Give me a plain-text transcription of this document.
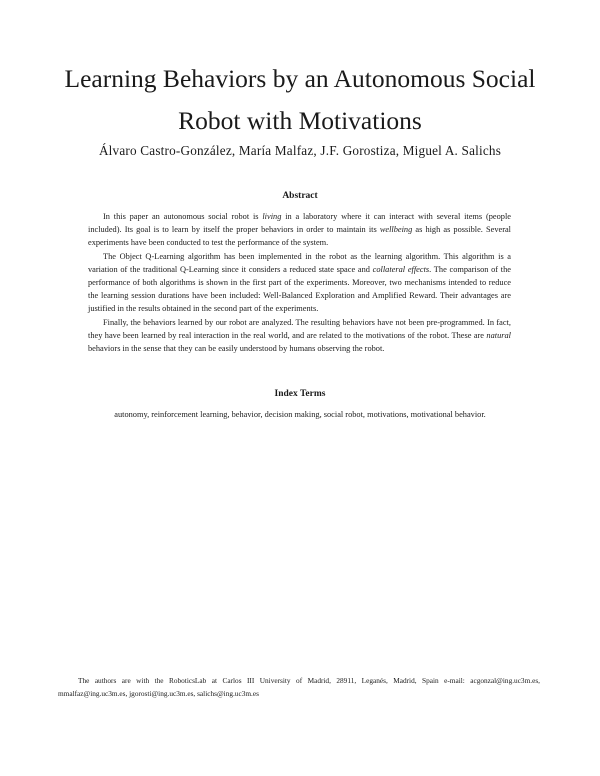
Learning Behaviors by an Autonomous Social
Robot with Motivations
Álvaro Castro-González, María Malfaz, J.F. Gorostiza, Miguel A. Salichs
Abstract

In this paper an autonomous social robot is living in a laboratory where it can interact with several items (people included). Its goal is to learn by itself the proper behaviors in order to maintain its wellbeing as high as possible. Several experiments have been conducted to test the performance of the system.

The Object Q-Learning algorithm has been implemented in the robot as the learning algorithm. This algorithm is a variation of the traditional Q-Learning since it considers a reduced state space and collateral effects. The comparison of the performance of both algorithms is shown in the first part of the experiments. Moreover, two mechanisms intended to reduce the learning session durations have been included: Well-Balanced Exploration and Amplified Reward. Their advantages are justified in the results obtained in the second part of the experiments.

Finally, the behaviors learned by our robot are analyzed. The resulting behaviors have not been pre-programmed. In fact, they have been learned by real interaction in the real world, and are related to the motivations of the robot. These are natural behaviors in the sense that they can be easily understood by humans observing the robot.

Index Terms
autonomy, reinforcement learning, behavior, decision making, social robot, motivations, motivational behavior.

The authors are with the RoboticsLab at Carlos III University of Madrid, 28911, Leganés, Madrid, Spain e-mail: acgonzal@ing.uc3m.es, mmalfaz@ing.uc3m.es, jgorosti@ing.uc3m.es, salichs@ing.uc3m.es
